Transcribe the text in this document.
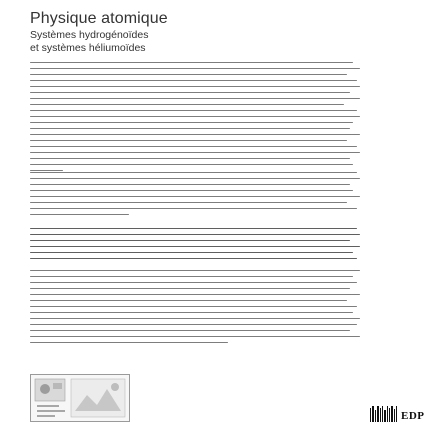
Physique atomique
Systèmes hydrogénoïdes
et systèmes héliumoïdes
EDP
